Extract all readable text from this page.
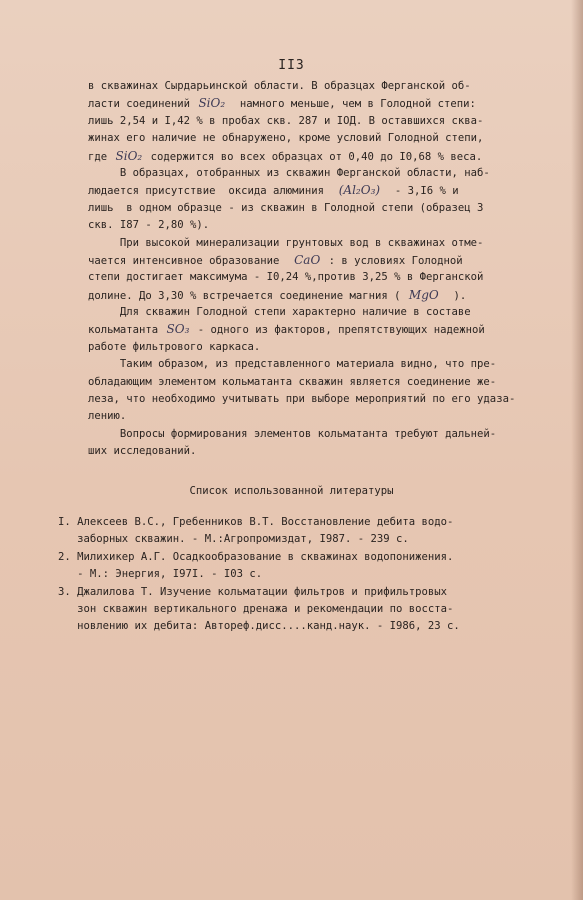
II3
в скважинах Сырдарьинской области. В образцах Ферганской об-
ласти соединений SiO₂  намного меньше, чем в Голодной степи:
лишь 2,54 и I,42 % в пробах скв. 287 и IОД. В оставшихся сква-
жинах его наличие не обнаружено, кроме условий Голодной степи,
где SiO₂ содержится во всех образцах от 0,40 до I0,68 % веса.
В образцах, отобранных из скважин Ферганской области, наб-
людается присутствие  оксида алюминия  (Al₂O₃)  - 3,I6 % и
лишь  в одном образце - из скважин в Голодной степи (образец 3
скв. I87 - 2,80 %).
При высокой минерализации грунтовых вод в скважинах отме-
чается интенсивное образование  CaO : в условиях Голодной
степи достигает максимума - I0,24 %,против 3,25 % в Ферганской
долине. До 3,30 % встречается соединение магния ( MgO  ).
Для скважин Голодной степи характерно наличие в составе
кольматанта SO₃ - одного из факторов, препятствующих надежной
работе фильтрового каркаса.
Таким образом, из представленного материала видно, что пре-
обладающим элементом кольматанта скважин является соединение же-
леза, что необходимо учитывать при выборе мероприятий по его удаза-
лению.
Вопросы формирования элементов кольматанта требуют дальней-
ших исследований.
Список использованной литературы
I. Алексеев В.С., Гребенников В.Т. Восстановление дебита водо-
заборных скважин. - М.:Агропромиздат, I987. - 239 с.
2. Милихикер А.Г. Осадкообразование в скважинах водопонижения.
- М.: Энергия, I97I. - I03 с.
3. Джалилова Т. Изучение кольматации фильтров и прифильтровых
зон скважин вертикального дренажа и рекомендации по восста-
новлению их дебита: Автореф.дисс....канд.наук. - I986, 23 с.
